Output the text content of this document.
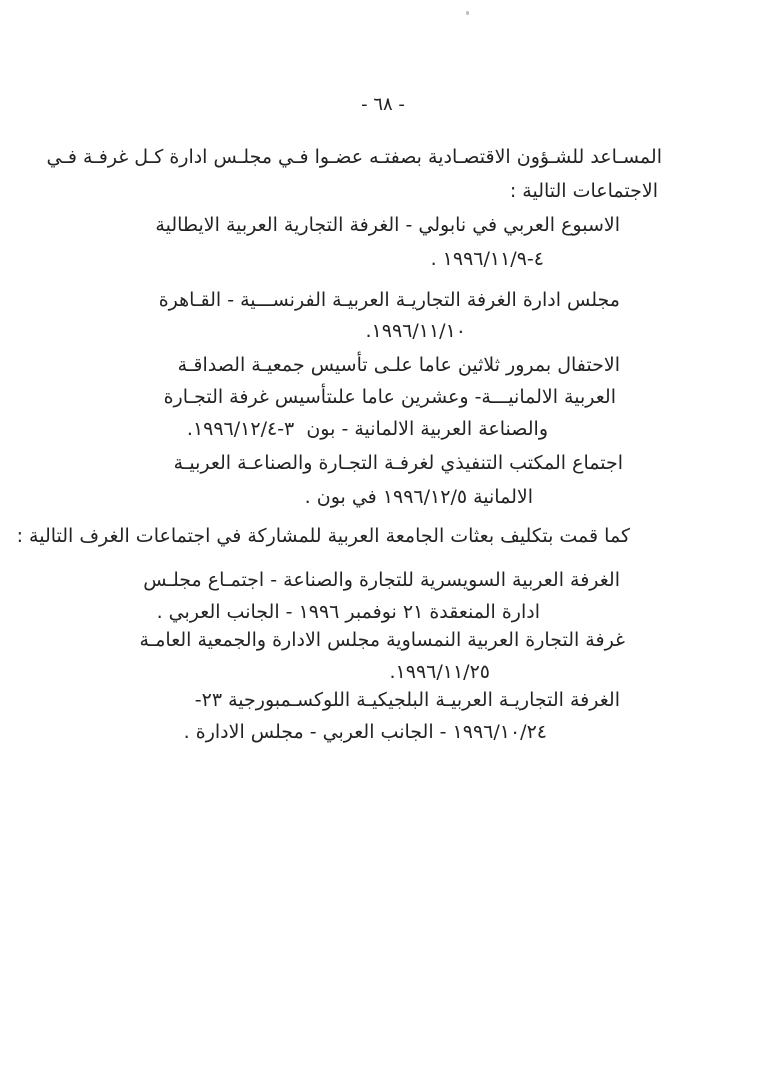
- ٦٨ -
المسـاعد للشـؤون الاقتصـادية بصفتـه عضـوا فـي مجلـس ادارة كـل غرفـة فـي
الاجتماعات التالية :
الاسبوع العربي في نابولي - الغرفة التجارية العربية الايطالية
٤-١٩٩٦/١١/٩ .
مجلس ادارة الغرفة التجاريـة العربيـة الفرنســـية - القـاهرة
١٩٩٦/١١/١٠.
الاحتفال بمرور ثلاثين عاما علـى تأسيس جمعيـة الصداقـة
العربية الالمانيـــة- وعشرين عاما علىتأسيس غرفة التجـارة
والصناعة العربية الالمانية - بون  ٣-١٩٩٦/١٢/٤.
اجتماع المكتب التنفيذي لغرفـة التجـارة والصناعـة العربيـة
الالمانية ١٩٩٦/١٢/٥ في بون .
كما قمت بتكليف بعثات الجامعة العربية للمشاركة في اجتماعات الغرف التالية :
الغرفة العربية السويسرية للتجارة والصناعة - اجتمـاع مجلـس
ادارة المنعقدة ٢١ نوفمبر ١٩٩٦ - الجانب العربي .
غرفة التجارة العربية النمساوية مجلس الادارة والجمعية العامـة
١٩٩٦/١١/٢٥.
الغرفة التجاريـة العربيـة البلجيكيـة اللوكسـمبورجية ٢٣-
١٩٩٦/١٠/٢٤ - الجانب العربي - مجلس الادارة .
